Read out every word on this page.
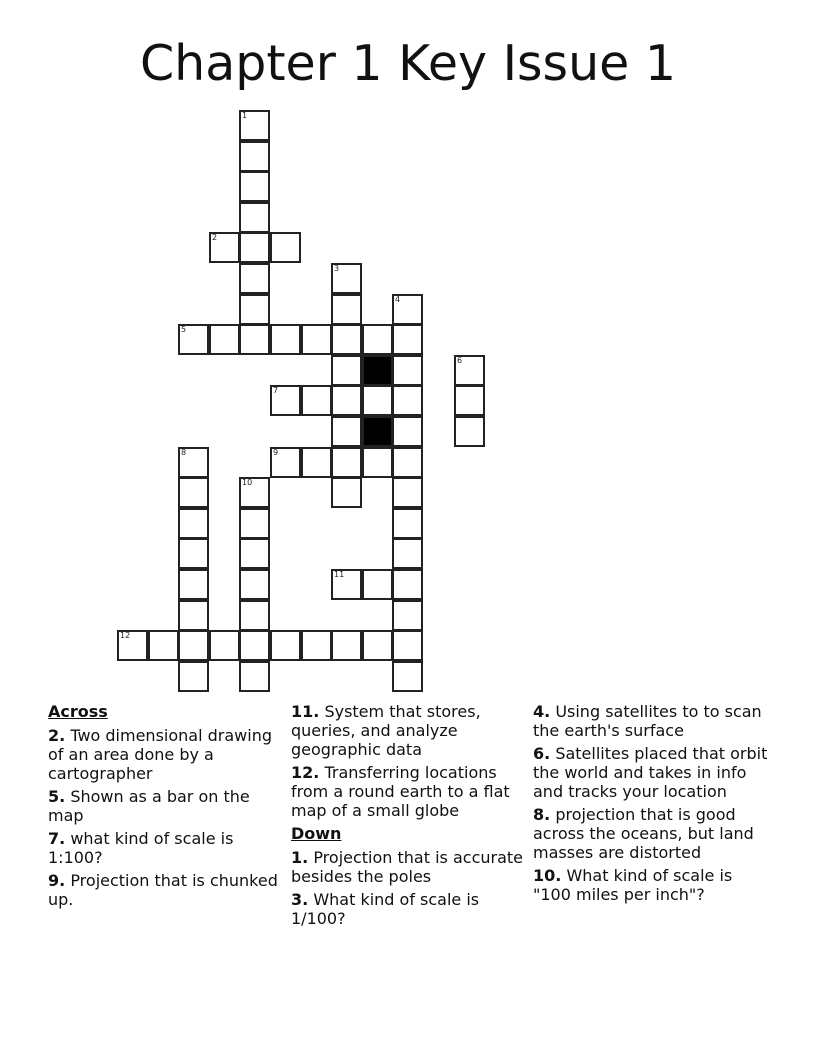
Chapter 1 Key Issue 1
1
2
3
4
5
6
7
8	9
10
11
12
Across
2. Two dimensional drawing of an area done by a cartographer
5. Shown as a bar on the map
7. what kind of scale is 1:100?
9. Projection that is chunked up.
11. System that stores, queries, and analyze geographic data
12. Transferring locations from a round earth to a flat map of a small globe
Down
1. Projection that is accurate besides the poles
3. What kind of scale is 1/100?
4. Using satellites to to scan the earth's surface
6. Satellites placed that orbit the world and takes in info and tracks your location
8. projection that is good across the oceans, but land masses are distorted
10. What kind of scale is "100 miles per inch"?
